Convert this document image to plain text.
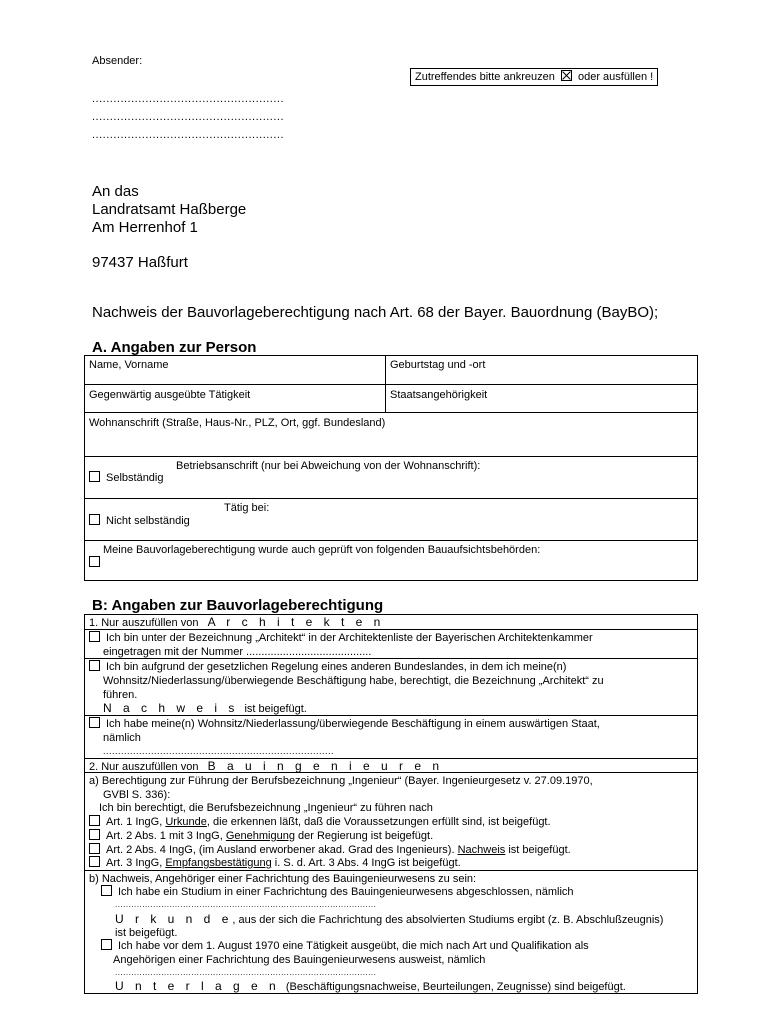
Absender:
Zutreffendes bitte ankreuzen ☒ oder ausfüllen !
......................................................
......................................................
......................................................
An das
Landratsamt Haßberge
Am Herrenhof 1
97437 Haßfurt
Nachweis der Bauvorlageberechtigung nach Art. 68 der Bayer. Bauordnung (BayBO);
A. Angaben zur Person
Name, Vorname	Geburtstag und -ort
Gegenwärtig ausgeübte Tätigkeit	Staatsangehörigkeit
Wohnanschrift (Straße, Haus-Nr., PLZ, Ort, ggf. Bundesland)
Betriebsanschrift (nur bei Abweichung von der Wohnanschrift):
Selbständig
Tätig bei:
Nicht selbständig
Meine Bauvorlageberechtigung wurde auch geprüft von folgenden Bauaufsichtsbehörden:
B: Angaben zur Bauvorlageberechtigung
1. Nur auszufüllen von A r c h i t e k t e n
Ich bin unter der Bezeichnung „Architekt“ in der Architektenliste der Bayerischen Architektenkammer
eingetragen mit der Nummer .........................................
Ich bin aufgrund der gesetzlichen Regelung eines anderen Bundeslandes, in dem ich meine(n)
Wohnsitz/Niederlassung/überwiegende Beschäftigung habe, berechtigt, die Bezeichnung „Architekt“ zu
führen.
N a c h w e i s ist beigefügt.
Ich habe meine(n) Wohnsitz/Niederlassung/überwiegende Beschäftigung in einem auswärtigen Staat,
nämlich
.............................................................................
2. Nur auszufüllen von B a u i n g e n i e u r e n
a) Berechtigung zur Führung der Berufsbezeichnung „Ingenieur“ (Bayer. Ingenieurgesetz v. 27.09.1970,
GVBl S. 336):
Ich bin berechtigt, die Berufsbezeichnung „Ingenieur“ zu führen nach
Art. 1 IngG, Urkunde, die erkennen läßt, daß die Voraussetzungen erfüllt sind, ist beigefügt.
Art. 2 Abs. 1 mit 3 IngG, Genehmigung der Regierung ist beigefügt.
Art. 2 Abs. 4 IngG, (im Ausland erworbener akad. Grad des Ingenieurs). Nachweis ist beigefügt.
Art. 3 IngG, Empfangsbestätigung i. S. d. Art. 3 Abs. 4 IngG ist beigefügt.
b) Nachweis, Angehöriger einer Fachrichtung des Bauingenieurwesens zu sein:
Ich habe ein Studium in einer Fachrichtung des Bauingenieurwesens abgeschlossen, nämlich
................................................................................................
U r k u n d e, aus der sich die Fachrichtung des absolvierten Studiums ergibt (z. B. Abschlußzeugnis)
ist beigefügt.
Ich habe vor dem 1. August 1970 eine Tätigkeit ausgeübt, die mich nach Art und Qualifikation als
Angehörigen einer Fachrichtung des Bauingenieurwesens ausweist, nämlich
................................................................................................
U n t e r l a g e n (Beschäftigungsnachweise, Beurteilungen, Zeugnisse) sind beigefügt.
